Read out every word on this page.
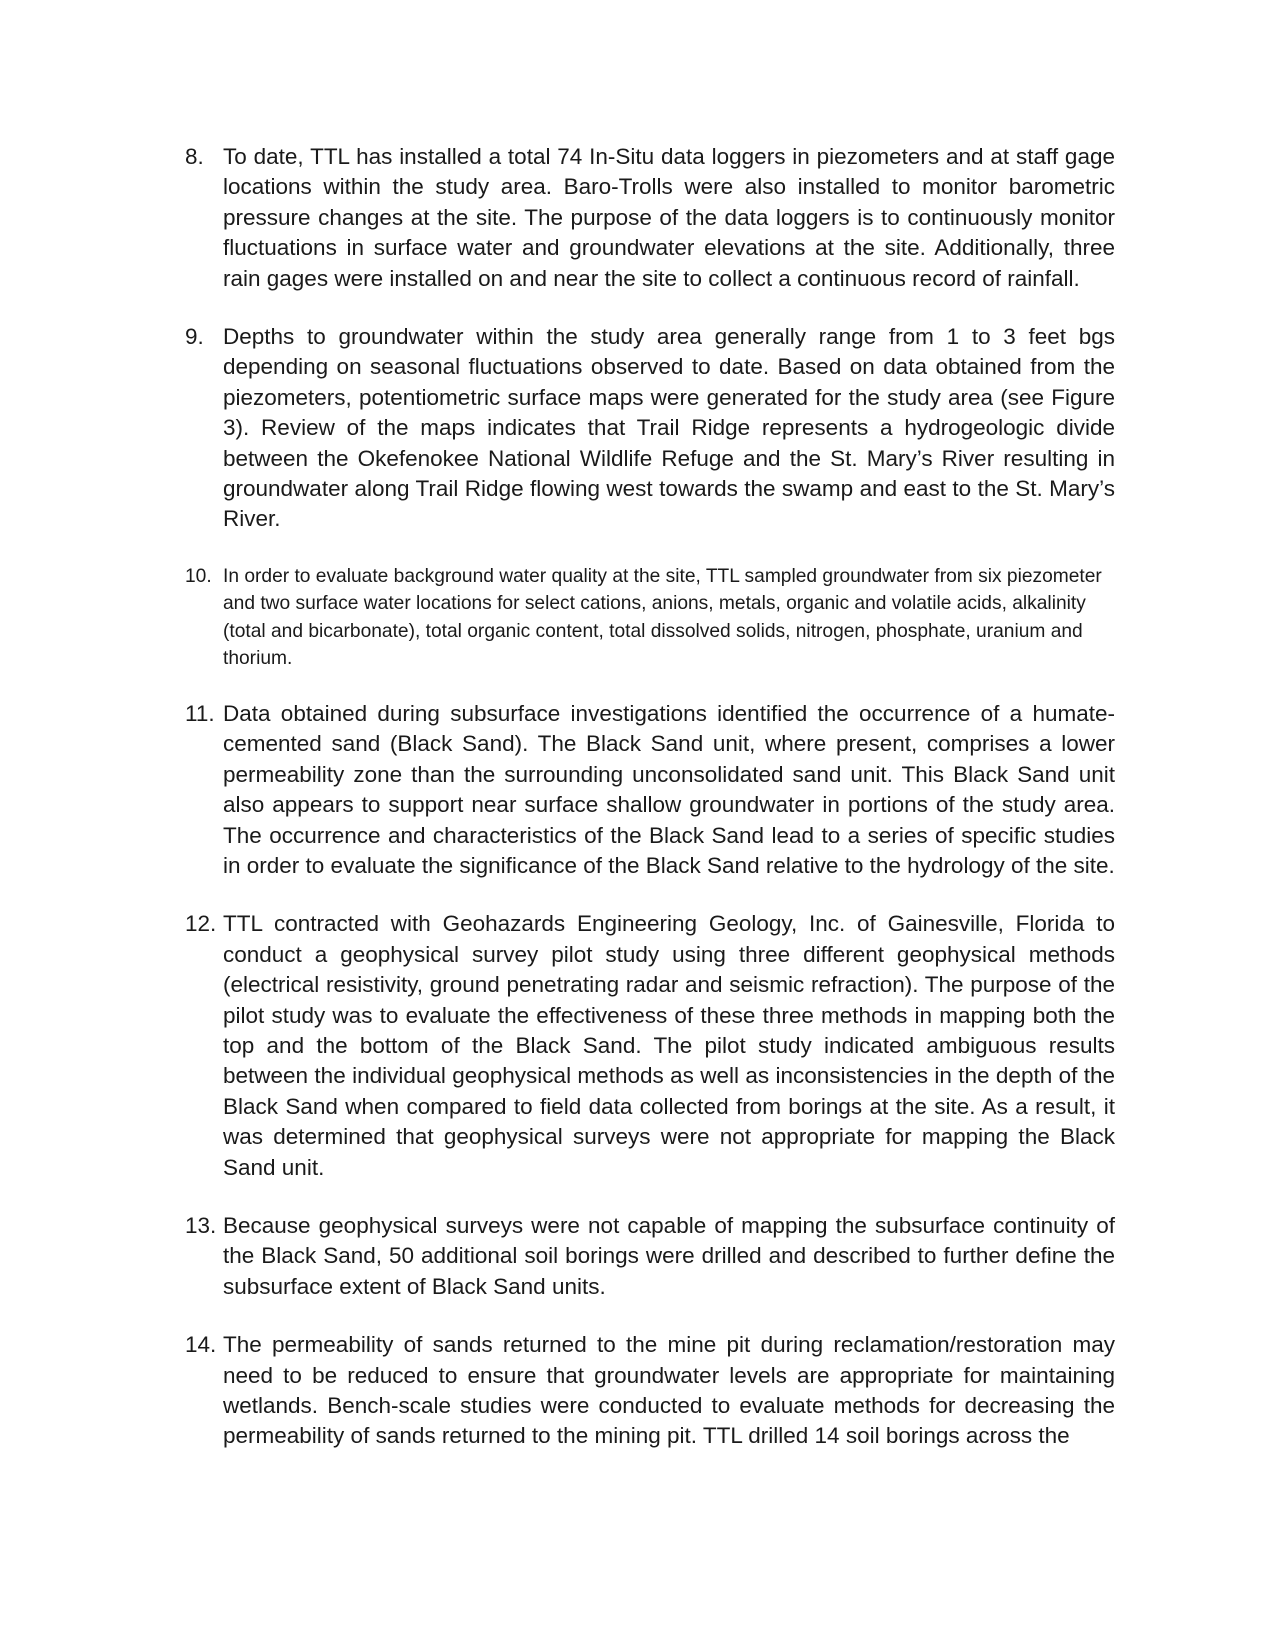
8. To date, TTL has installed a total 74 In-Situ data loggers in piezometers and at staff gage locations within the study area. Baro-Trolls were also installed to monitor barometric pressure changes at the site. The purpose of the data loggers is to continuously monitor fluctuations in surface water and groundwater elevations at the site. Additionally, three rain gages were installed on and near the site to collect a continuous record of rainfall.
9. Depths to groundwater within the study area generally range from 1 to 3 feet bgs depending on seasonal fluctuations observed to date. Based on data obtained from the piezometers, potentiometric surface maps were generated for the study area (see Figure 3). Review of the maps indicates that Trail Ridge represents a hydrogeologic divide between the Okefenokee National Wildlife Refuge and the St. Mary’s River resulting in groundwater along Trail Ridge flowing west towards the swamp and east to the St. Mary’s River.
10. In order to evaluate background water quality at the site, TTL sampled groundwater from six piezometer and two surface water locations for select cations, anions, metals, organic and volatile acids, alkalinity (total and bicarbonate), total organic content, total dissolved solids, nitrogen, phosphate, uranium and thorium.
11. Data obtained during subsurface investigations identified the occurrence of a humate-cemented sand (Black Sand). The Black Sand unit, where present, comprises a lower permeability zone than the surrounding unconsolidated sand unit. This Black Sand unit also appears to support near surface shallow groundwater in portions of the study area. The occurrence and characteristics of the Black Sand lead to a series of specific studies in order to evaluate the significance of the Black Sand relative to the hydrology of the site.
12. TTL contracted with Geohazards Engineering Geology, Inc. of Gainesville, Florida to conduct a geophysical survey pilot study using three different geophysical methods (electrical resistivity, ground penetrating radar and seismic refraction). The purpose of the pilot study was to evaluate the effectiveness of these three methods in mapping both the top and the bottom of the Black Sand. The pilot study indicated ambiguous results between the individual geophysical methods as well as inconsistencies in the depth of the Black Sand when compared to field data collected from borings at the site. As a result, it was determined that geophysical surveys were not appropriate for mapping the Black Sand unit.
13. Because geophysical surveys were not capable of mapping the subsurface continuity of the Black Sand, 50 additional soil borings were drilled and described to further define the subsurface extent of Black Sand units.
14. The permeability of sands returned to the mine pit during reclamation/restoration may need to be reduced to ensure that groundwater levels are appropriate for maintaining wetlands. Bench-scale studies were conducted to evaluate methods for decreasing the permeability of sands returned to the mining pit. TTL drilled 14 soil borings across the
